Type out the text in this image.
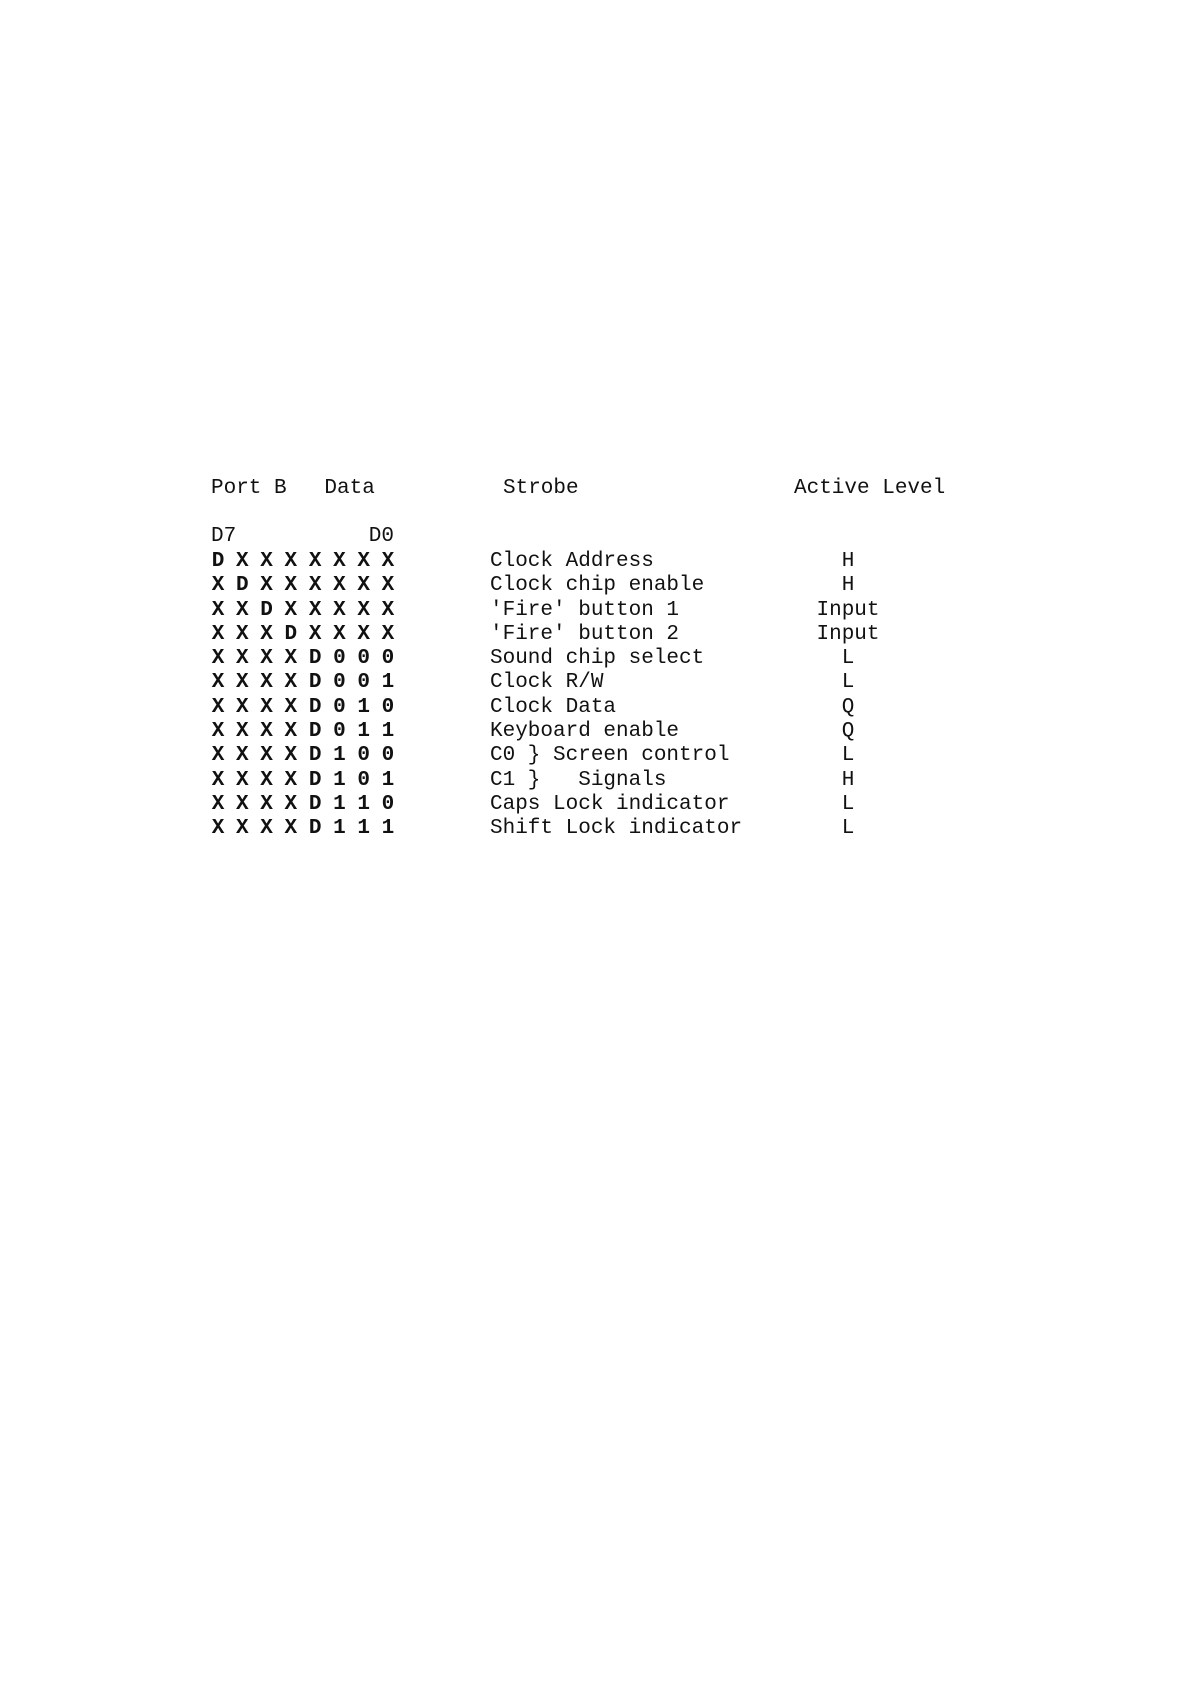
Port B   Data	Strobe	Active Level
D7	D0
D X X X X X X X	Clock Address	H
X D X X X X X X	Clock chip enable	H
X X D X X X X X	'Fire' button 1	Input
X X X D X X X X	'Fire' button 2	Input
X X X X D 0 0 0	Sound chip select	L
X X X X D 0 0 1	Clock R/W	L
X X X X D 0 1 0	Clock Data	Q
X X X X D 0 1 1	Keyboard enable	Q
X X X X D 1 0 0	C0 } Screen control	L
X X X X D 1 0 1	C1 }   Signals	H
X X X X D 1 1 0	Caps Lock indicator	L
X X X X D 1 1 1	Shift Lock indicator	L
